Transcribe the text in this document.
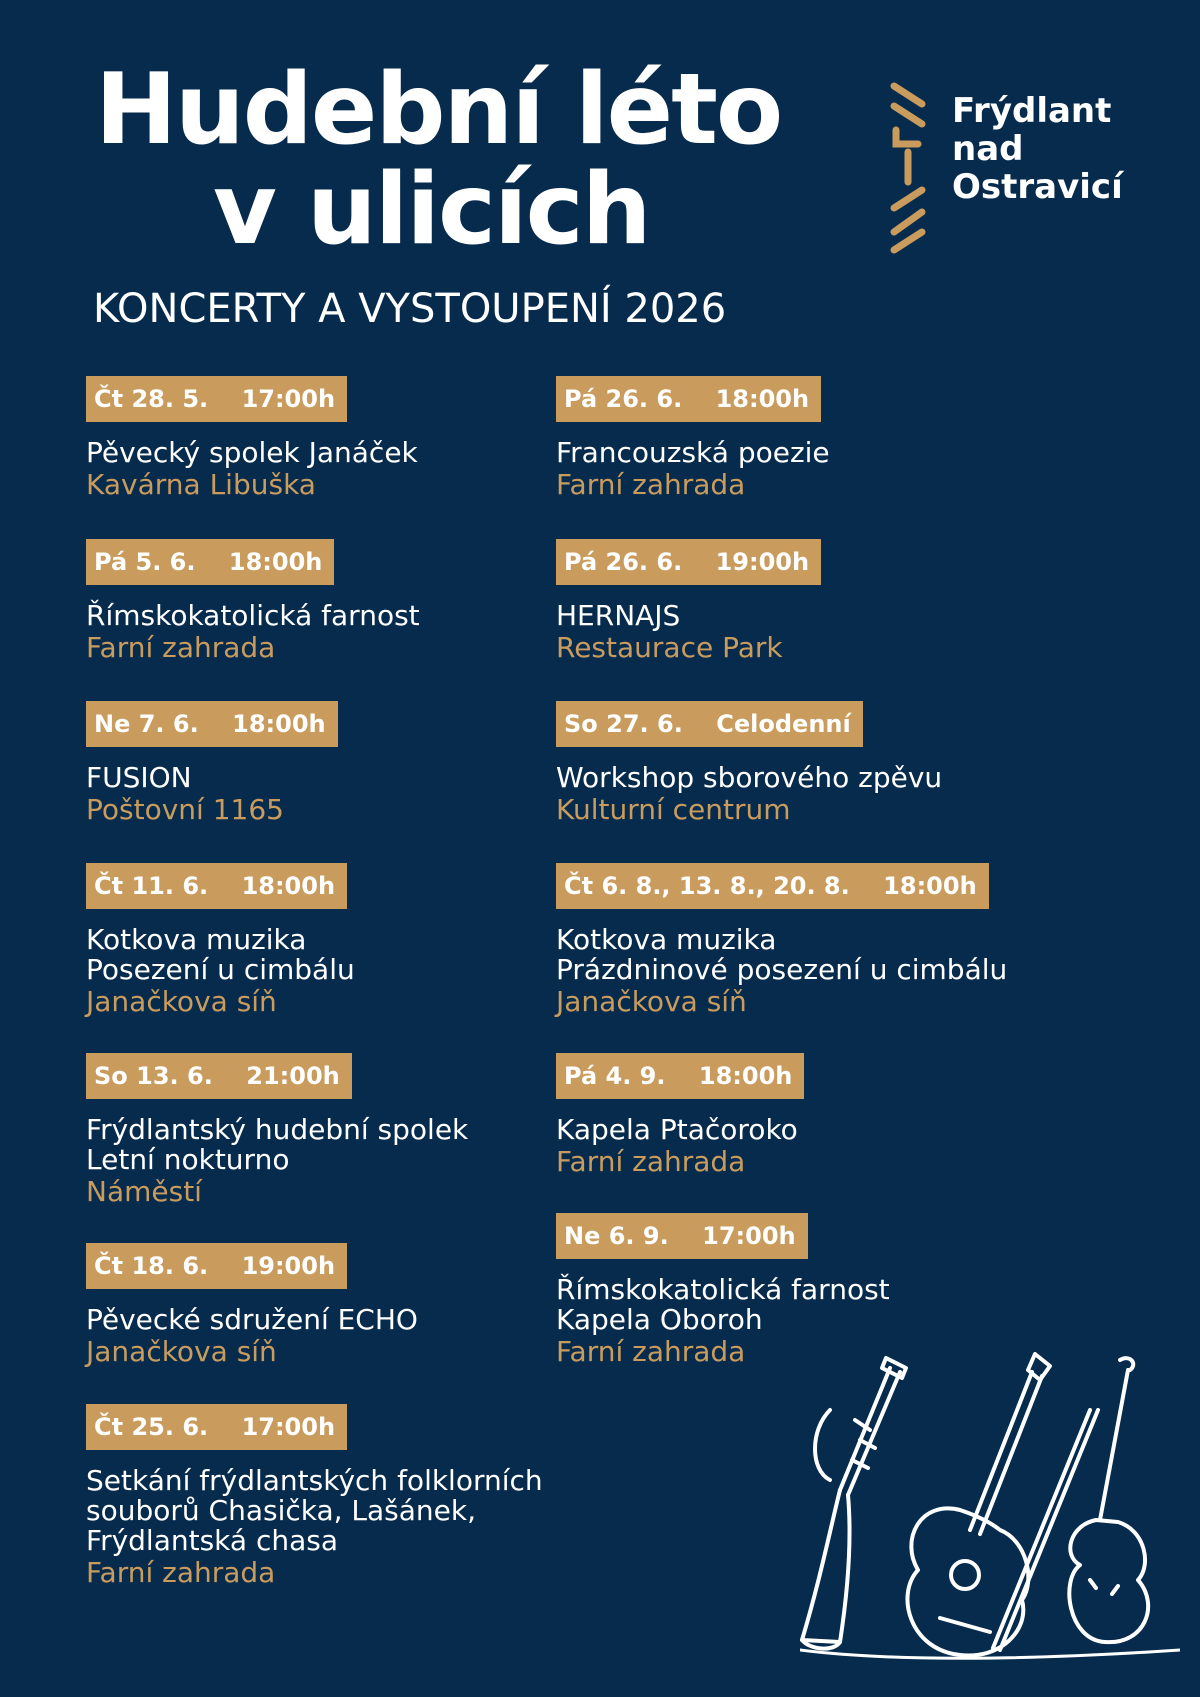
Hudební léto
v ulicích
KONCERTY A VYSTOUPENÍ 2026
Frýdlant
nad
Ostravicí
Čt 28. 5. 17:00h
Pěvecký spolek Janáček
Kavárna Libuška
Pá 5. 6. 18:00h
Římskokatolická farnost
Farní zahrada
Ne 7. 6. 18:00h
FUSION
Poštovní 1165
Čt 11. 6. 18:00h
Kotkova muzika
Posezení u cimbálu
Janačkova síň
So 13. 6. 21:00h
Frýdlantský hudební spolek
Letní nokturno
Náměstí
Čt 18. 6. 19:00h
Pěvecké sdružení ECHO
Janačkova síň
Čt 25. 6. 17:00h
Setkání frýdlantských folklorních
souborů Chasička, Lašánek,
Frýdlantská chasa
Farní zahrada
Pá 26. 6. 18:00h
Francouzská poezie
Farní zahrada
Pá 26. 6. 19:00h
HERNAJS
Restaurace Park
So 27. 6. Celodenní
Workshop sborového zpěvu
Kulturní centrum
Čt 6. 8., 13. 8., 20. 8. 18:00h
Kotkova muzika
Prázdninové posezení u cimbálu
Janačkova síň
Pá 4. 9. 18:00h
Kapela Ptačoroko
Farní zahrada
Ne 6. 9. 17:00h
Římskokatolická farnost
Kapela Oboroh
Farní zahrada
